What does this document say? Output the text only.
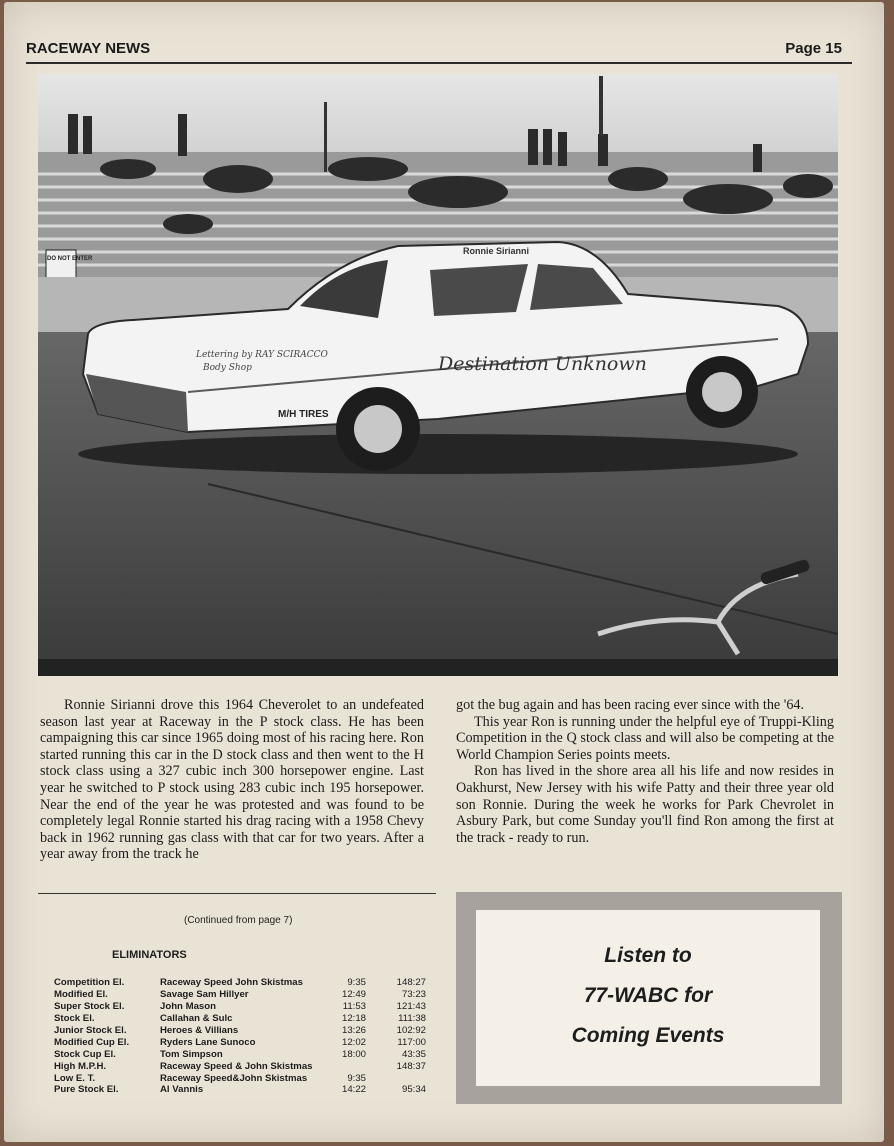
RACEWAY NEWS	Page 15
Destination Unknown
Ronnie Sirianni
Lettering by RAY SCIRACCO
Body Shop
M/H TIRES
DO NOT ENTER

Ronnie Sirianni drove this 1964 Cheverolet to an undefeated season last year at Raceway in the P stock class. He has been campaigning this car since 1965 doing most of his racing here. Ron started running this car in the D stock class and then went to the H stock class using a 327 cubic inch 300 horsepower engine. Last year he switched to P stock using 283 cubic inch 195 horsepower. Near the end of the year he was protested and was found to be completely legal Ronnie started his drag racing with a 1958 Chevy back in 1962 running gas class with that car for two years. After a year away from the track he

got the bug again and has been racing ever since with the '64.

This year Ron is running under the helpful eye of Truppi-Kling Competition in the Q stock class and will also be competing at the World Champion Series points meets.

Ron has lived in the shore area all his life and now resides in Oakhurst, New Jersey with his wife Patty and their three year old son Ronnie. During the week he works for Park Chevrolet in Asbury Park, but come Sunday you'll find Ron among the first at the track - ready to run.

(Continued from page 7)
ELIMINATORS
Competition El.	Raceway Speed John Skistmas	9:35	148:27
Modified El.	Savage Sam Hillyer	12:49	73:23
Super Stock El.	John Mason	11:53	121:43
Stock El.	Callahan & Sulc	12:18	111:38
Junior Stock El.	Heroes & Villians	13:26	102:92
Modified Cup El.	Ryders Lane Sunoco	12:02	117:00
Stock Cup El.	Tom Simpson	18:00	43:35
High M.P.H.	Raceway Speed & John Skistmas		148:37
Low E. T.	Raceway Speed&John Skistmas	9:35	
Pure Stock El.	Al Vannis	14:22	95:34
Listen to
77-WABC for
Coming Events
